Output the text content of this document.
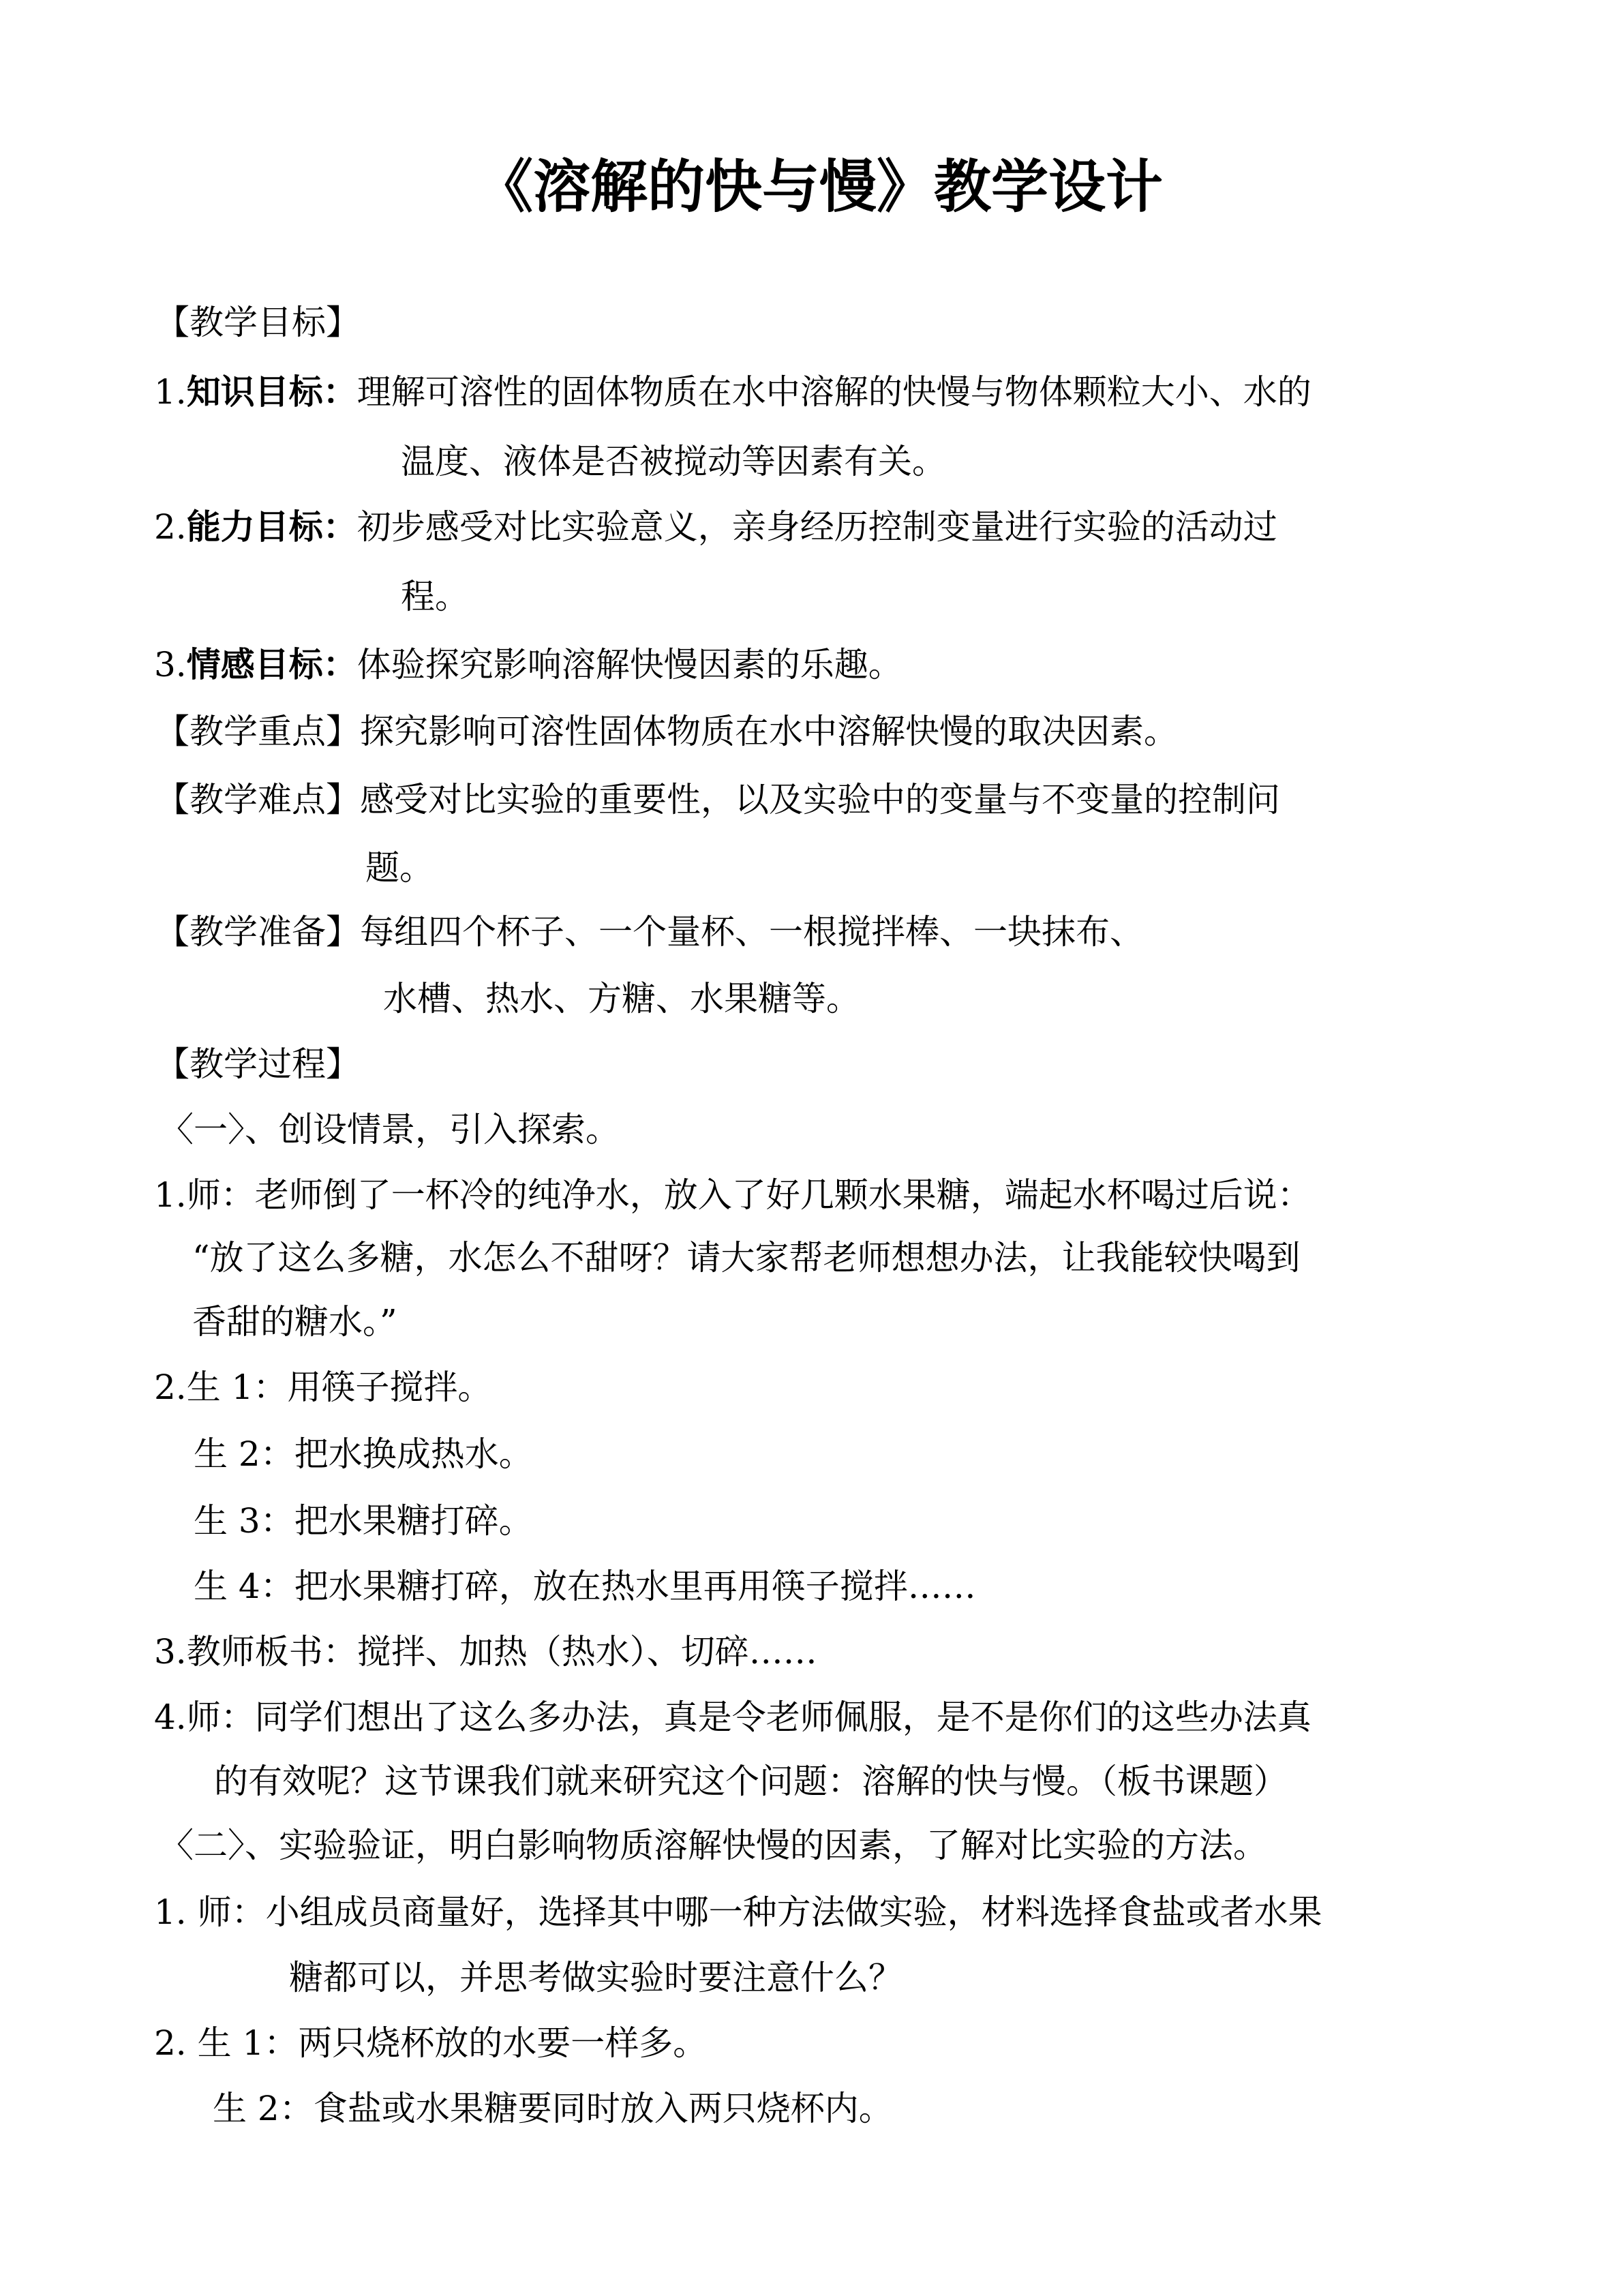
《溶解的快与慢》教学设计
【教学目标】
1.知识目标：理解可溶性的固体物质在水中溶解的快慢与物体颗粒大小、水的
温度、液体是否被搅动等因素有关。
2.能力目标：初步感受对比实验意义，亲身经历控制变量进行实验的活动过
程。
3.情感目标：体验探究影响溶解快慢因素的乐趣。
【教学重点】探究影响可溶性固体物质在水中溶解快慢的取决因素。
【教学难点】感受对比实验的重要性，以及实验中的变量与不变量的控制问
题。
【教学准备】每组四个杯子、一个量杯、一根搅拌棒、一块抹布、
水槽、热水、方糖、水果糖等。
【教学过程】
〈一〉、创设情景，引入探索。
1.师：老师倒了一杯冷的纯净水，放入了好几颗水果糖，端起水杯喝过后说：
“放了这么多糖，水怎么不甜呀？请大家帮老师想想办法，让我能较快喝到
香甜的糖水。”
2.生 1：用筷子搅拌。
生 2：把水换成热水。
生 3：把水果糖打碎。
生 4：把水果糖打碎，放在热水里再用筷子搅拌……
3.教师板书：搅拌、加热（热水）、切碎……
4.师：同学们想出了这么多办法，真是令老师佩服，是不是你们的这些办法真
的有效呢？这节课我们就来研究这个问题：溶解的快与慢。（板书课题）
〈二〉、实验验证，明白影响物质溶解快慢的因素，了解对比实验的方法。
1. 师：小组成员商量好，选择其中哪一种方法做实验，材料选择食盐或者水果
糖都可以，并思考做实验时要注意什么？
2. 生 1：两只烧杯放的水要一样多。
生 2：食盐或水果糖要同时放入两只烧杯内。
